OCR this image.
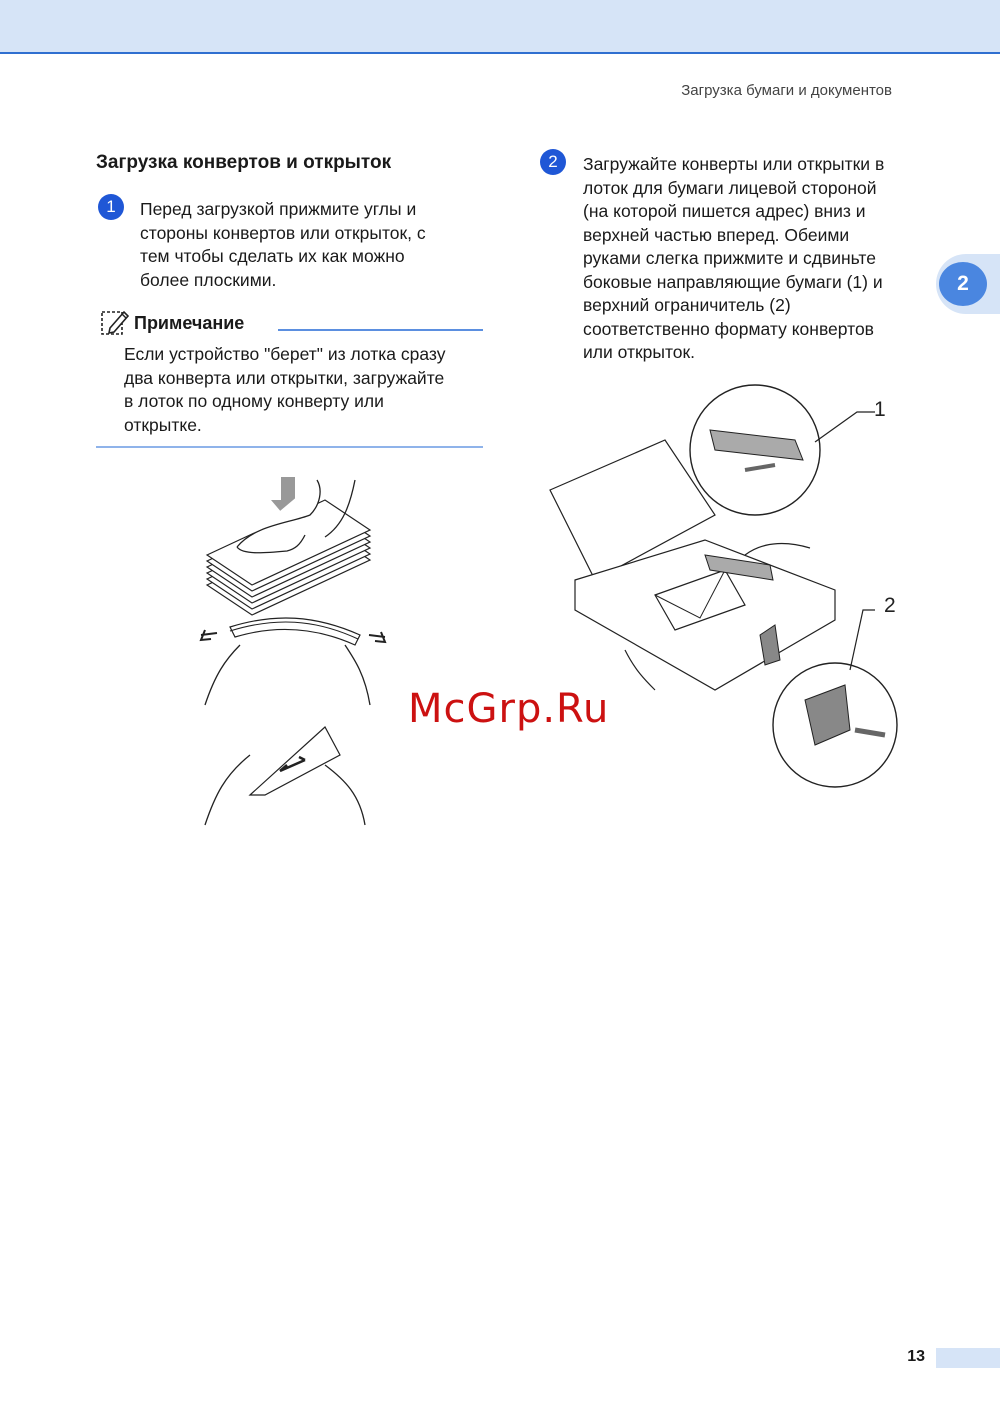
Загрузка бумаги и документов
Загрузка конвертов и открыток
1	Перед загрузкой прижмите углы и
стороны конвертов или открыток, с
тем чтобы сделать их как можно
более плоскими.
Примечание
Если устройство "берет" из лотка сразу
два конверта или открытки, загружайте
в лоток по одному конверту или
открытке.
2	Загружайте конверты или открытки в
лоток для бумаги лицевой стороной
(на которой пишется адрес) вниз и
верхней частью вперед. Обеими
руками слегка прижмите и сдвиньте
боковые направляющие бумаги (1) и
верхний ограничитель (2)
соответственно формату конвертов
или открыток.
2
1
2
McGrp.Ru
13
